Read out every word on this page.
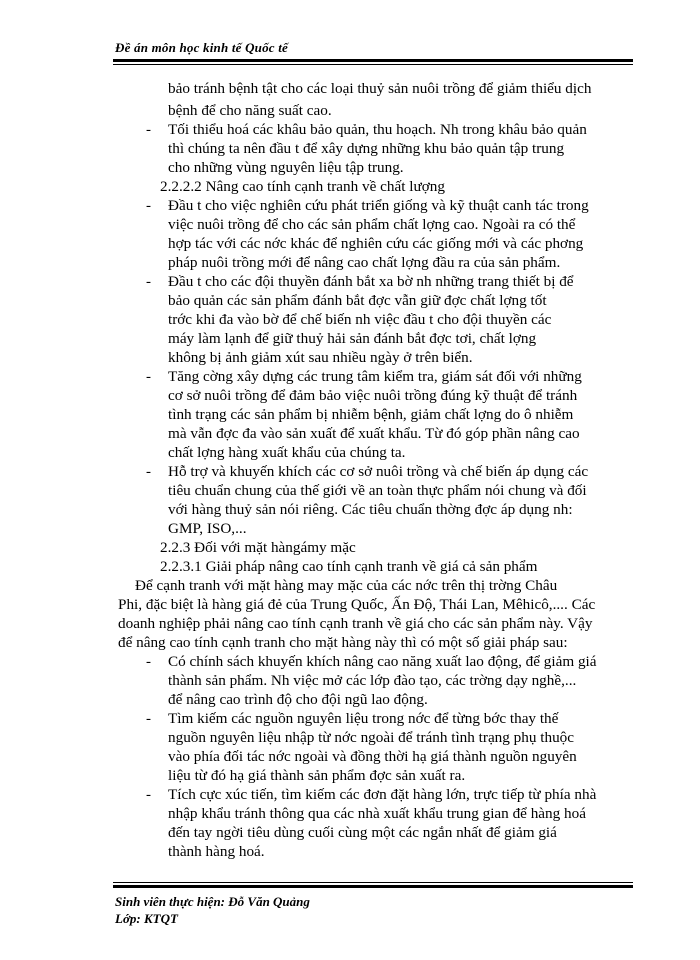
Đề án môn học kinh tế Quốc tế
bảo tránh bệnh tật cho các loại thuỷ sản nuôi trồng để giảm thiểu dịch
bệnh để cho năng suất cao.
- Tối thiểu hoá các khâu bảo quản, thu hoạch. Nh trong khâu bảo quản
thì chúng ta nên đầu t để xây dựng những khu bảo quản tập trung
cho những vùng nguyên liệu tập trung.
2.2.2.2 Nâng cao tính cạnh tranh về chất lượng
- Đầu t cho việc nghiên cứu phát triển giống và kỹ thuật canh tác trong
việc nuôi trồng để cho các sản phẩm chất lợng cao. Ngoài ra có thể
hợp tác với các nớc khác để nghiên cứu các giống mới và các phơng
pháp nuôi trồng mới để nâng cao chất lợng đầu ra của sản phẩm.
- Đầu t cho các đội thuyền đánh bắt xa bờ nh những trang thiết bị để
bảo quản các sản phẩm đánh bắt đợc vẫn giữ đợc chất lợng tốt
trớc khi đa vào bờ để chế biến nh việc đầu t cho đội thuyền các
máy làm lạnh để giữ thuỷ hải sản đánh bắt đợc tơi, chất lợng
không bị ảnh giảm xút sau nhiều ngày ở trên biển.
- Tăng cờng xây dựng các trung tâm kiểm tra, giám sát đối với những
cơ sở nuôi trồng để đảm bảo việc nuôi trồng đúng kỹ thuật để tránh
tình trạng các sản phẩm bị nhiễm bệnh, giảm chất lợng do ô nhiễm
mà vẫn đợc đa vào sản xuất để xuất khẩu. Từ đó góp phần nâng cao
chất lợng hàng xuất khẩu của chúng ta.
- Hỗ trợ và khuyến khích các cơ sở nuôi trồng và chế biến áp dụng các
tiêu chuẩn chung của thế giới về an toàn thực phẩm nói chung và đối
với hàng thuỷ sản nói riêng. Các tiêu chuẩn thờng đợc áp dụng nh:
GMP, ISO,...
2.2.3 Đối với mặt hàngámy mặc
2.2.3.1 Giải pháp nâng cao tính cạnh tranh về giá cả sản phẩm
Để cạnh tranh với mặt hàng may mặc của các nớc trên thị trờng Châu
Phi, đặc biệt là hàng giá đẻ của Trung Quốc, Ấn Độ, Thái Lan, Mêhicô,.... Các
doanh nghiệp phải nâng cao tính cạnh tranh về giá cho các sản phẩm này. Vậy
để nâng cao tính cạnh tranh cho mặt hàng này thì có một số giải pháp sau:
- Có chính sách khuyến khích nâng cao năng xuất lao động, để giảm giá
thành sản phẩm. Nh việc mở các lớp đào tạo, các trờng dạy nghề,...
để nâng cao trình độ cho đội ngũ lao động.
- Tìm kiếm các nguồn nguyên liệu trong nớc để từng bớc thay thế
nguồn nguyên liệu nhập từ nớc ngoài để tránh tình trạng phụ thuộc
vào phía đối tác nớc ngoài và đồng thời hạ giá thành nguồn nguyên
liệu từ đó hạ giá thành sản phẩm đợc sản xuất ra.
- Tích cực xúc tiến, tìm kiếm các đơn đặt hàng lớn, trực tiếp từ phía nhà
nhập khẩu tránh thông qua các nhà xuất khẩu trung gian để hàng hoá
đến tay ngời tiêu dùng cuối cùng một các ngắn nhất để giảm giá
thành hàng hoá.
Sinh viên thực hiện: Đỗ Văn Quảng
Lớp: KTQT
